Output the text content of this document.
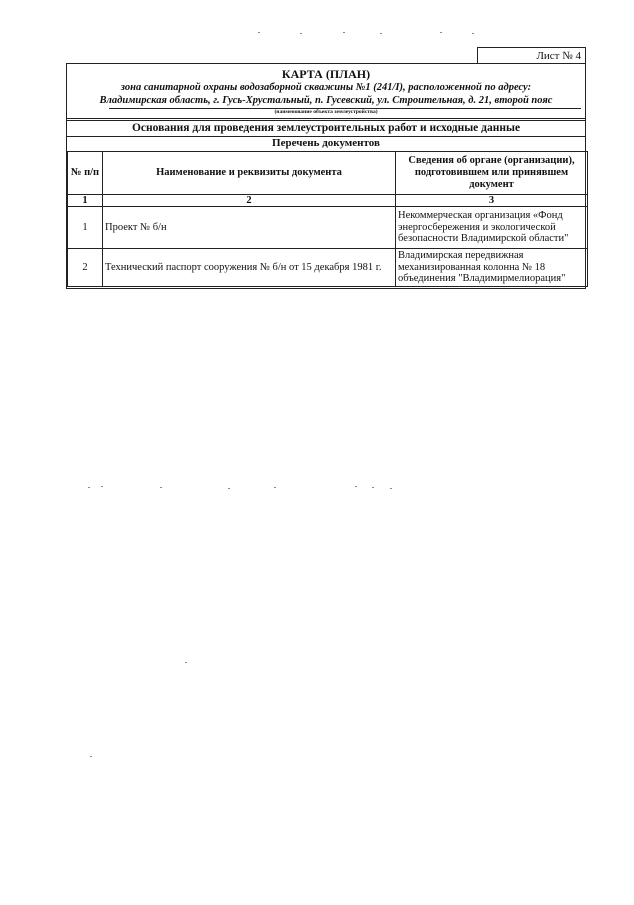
Лист № 4
КАРТА (ПЛАН)
зона санитарной охраны водозаборной скважины №1 (241/I), расположенной по адресу:
Владимирская область, г. Гусь-Хрустальный, п. Гусевский, ул. Строительная, д. 21, второй пояс
(наименование объекта землеустройства)
Основания для проведения землеустроительных работ и исходные данные
Перечень документов
№ п/п	Наименование и реквизиты документа	Сведения об органе (организации), подготовившем или принявшем документ
1	2	3
1	Проект № б/н	Некоммерческая организация «Фонд энергосбережения и экологической безопасности Владимирской области"
2	Технический паспорт сооружения № б/н от 15 декабря 1981 г.	Владимирская передвижная механизированная колонна № 18 объединения "Владимирмелиорация"
